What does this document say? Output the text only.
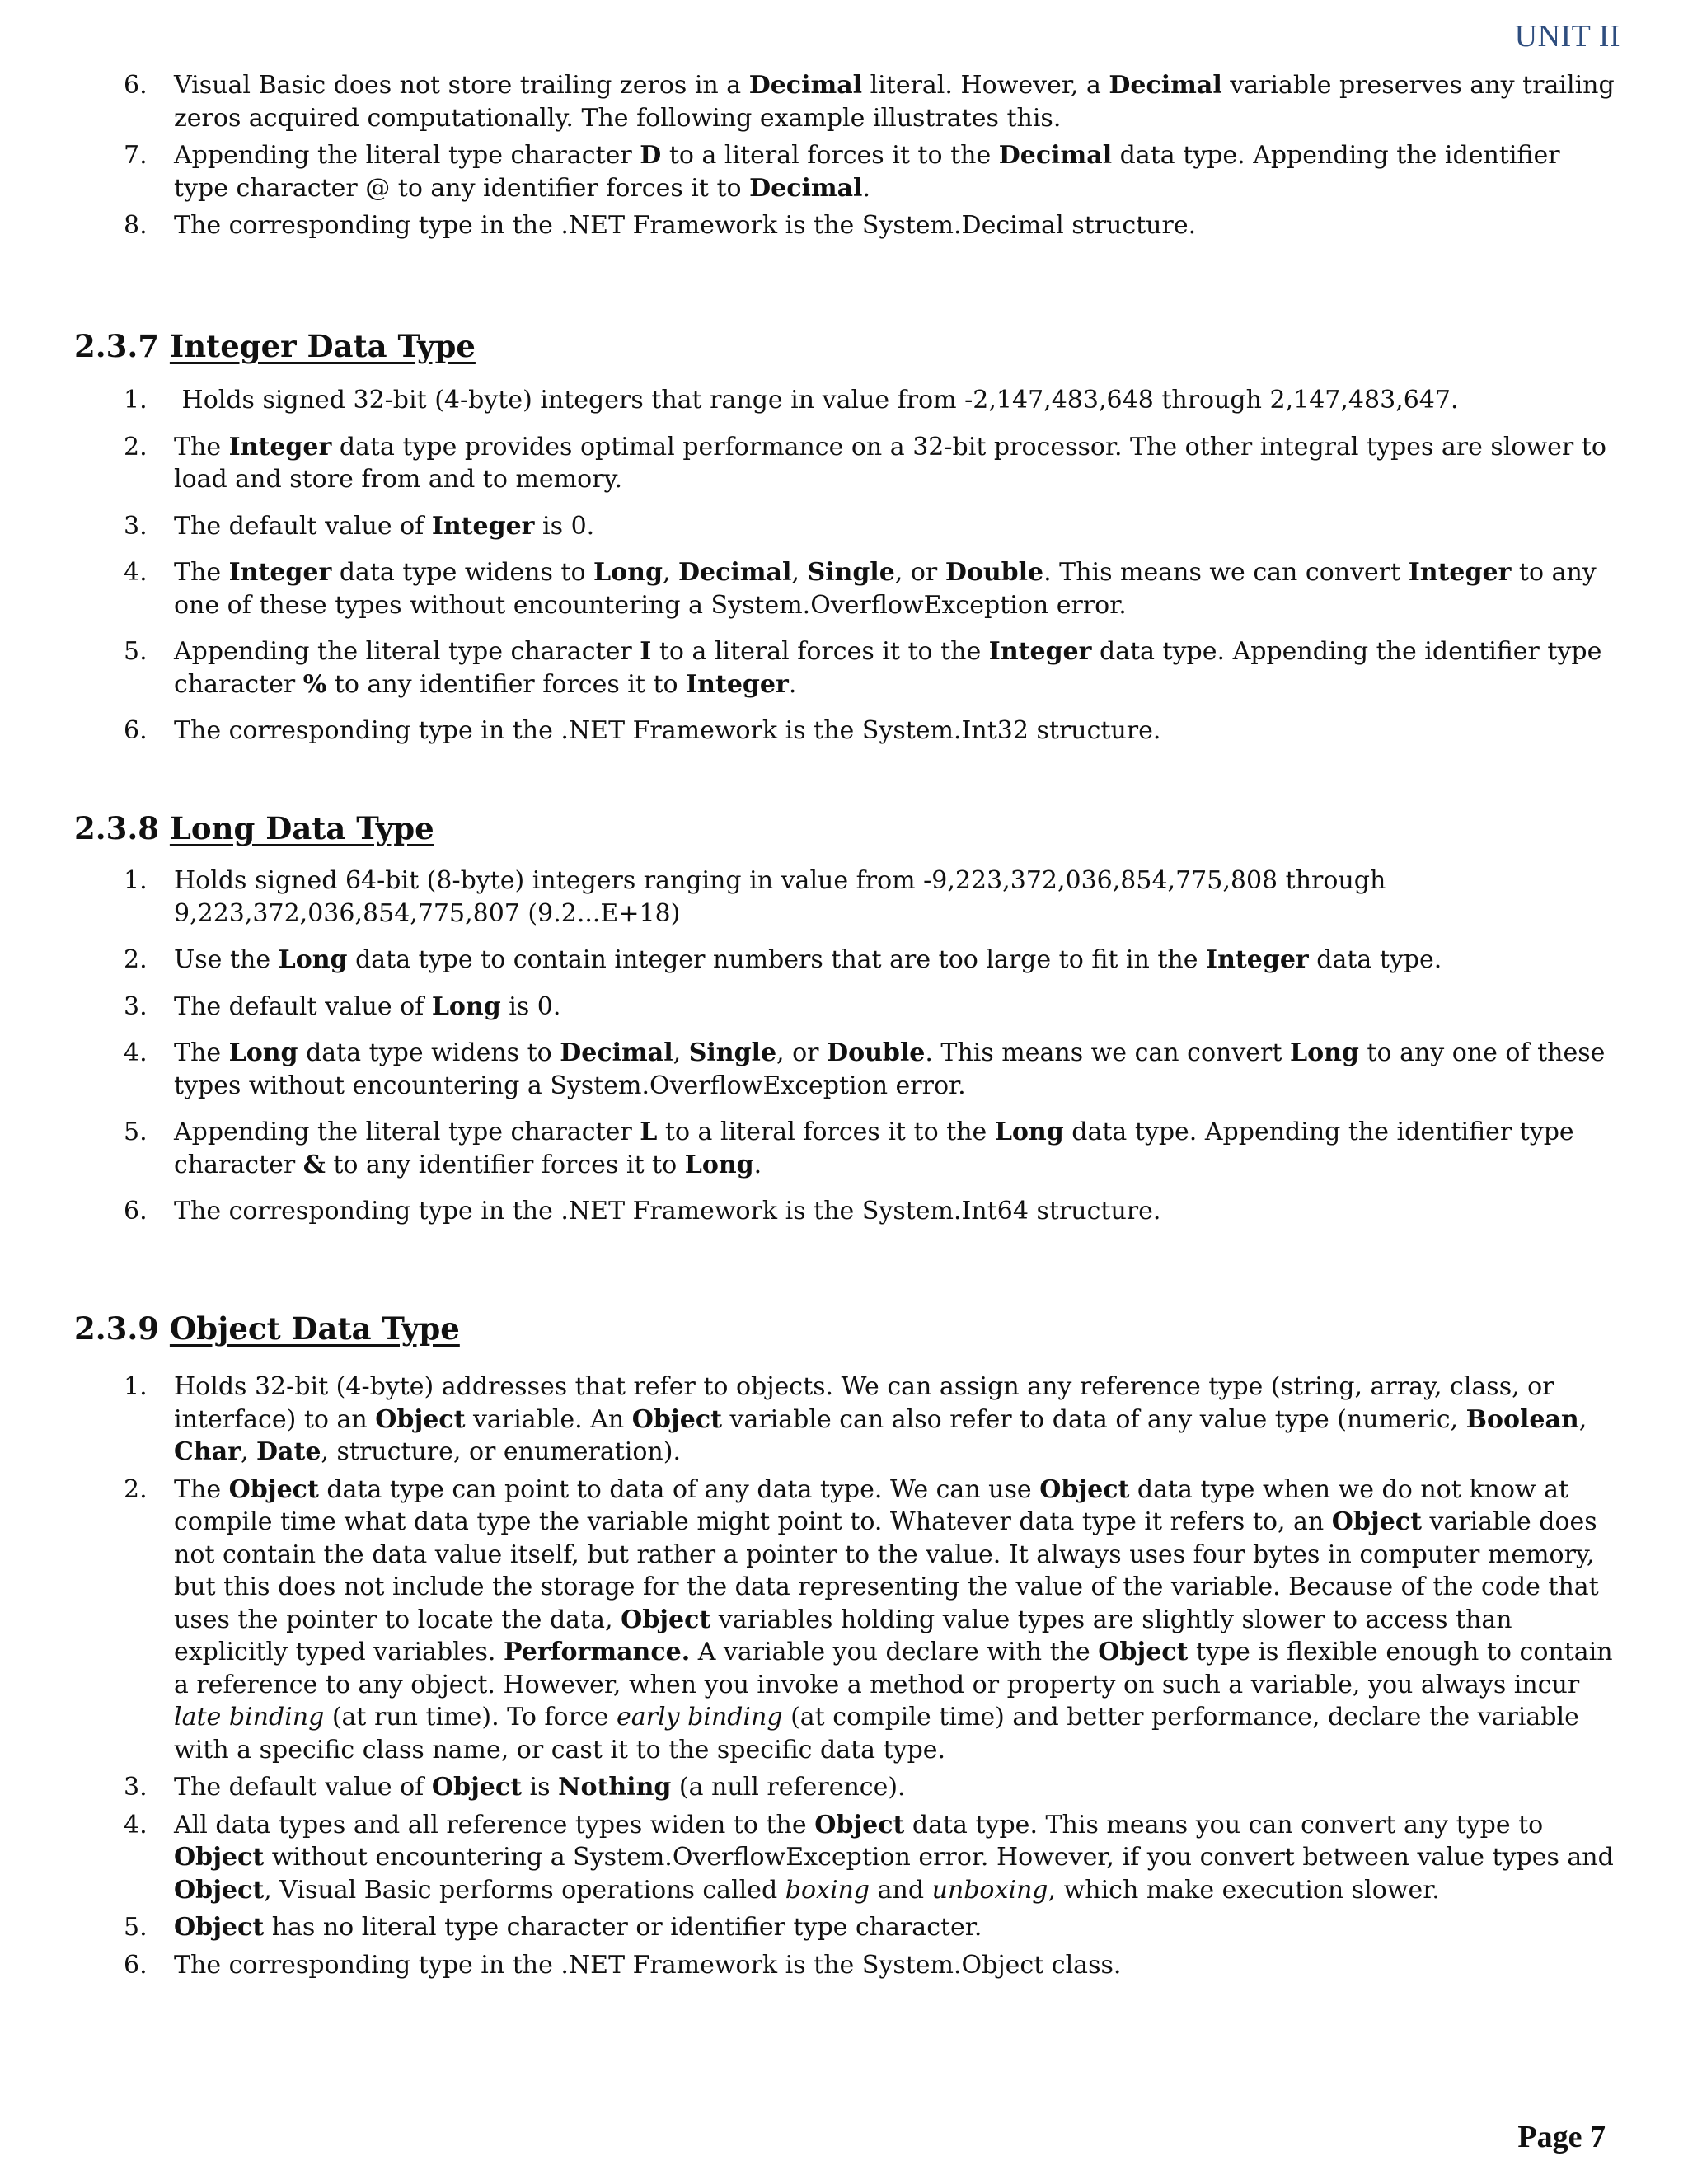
UNIT II
6. Visual Basic does not store trailing zeros in a Decimal literal. However, a Decimal variable preserves any trailing zeros acquired computationally. The following example illustrates this.
7. Appending the literal type character D to a literal forces it to the Decimal data type. Appending the identifier type character @ to any identifier forces it to Decimal.
8. The corresponding type in the .NET Framework is the System.Decimal structure.
2.3.7 Integer Data Type
1. Holds signed 32-bit (4-byte) integers that range in value from -2,147,483,648 through 2,147,483,647.
2. The Integer data type provides optimal performance on a 32-bit processor. The other integral types are slower to load and store from and to memory.
3. The default value of Integer is 0.
4. The Integer data type widens to Long, Decimal, Single, or Double. This means we can convert Integer to any one of these types without encountering a System.OverflowException error.
5. Appending the literal type character I to a literal forces it to the Integer data type. Appending the identifier type character % to any identifier forces it to Integer.
6. The corresponding type in the .NET Framework is the System.Int32 structure.
2.3.8 Long Data Type
1. Holds signed 64-bit (8-byte) integers ranging in value from -9,223,372,036,854,775,808 through 9,223,372,036,854,775,807 (9.2...E+18)
2. Use the Long data type to contain integer numbers that are too large to fit in the Integer data type.
3. The default value of Long is 0.
4. The Long data type widens to Decimal, Single, or Double. This means we can convert Long to any one of these types without encountering a System.OverflowException error.
5. Appending the literal type character L to a literal forces it to the Long data type. Appending the identifier type character & to any identifier forces it to Long.
6. The corresponding type in the .NET Framework is the System.Int64 structure.
2.3.9 Object Data Type
1. Holds 32-bit (4-byte) addresses that refer to objects. We can assign any reference type (string, array, class, or interface) to an Object variable. An Object variable can also refer to data of any value type (numeric, Boolean, Char, Date, structure, or enumeration).
2. The Object data type can point to data of any data type. We can use Object data type when we do not know at compile time what data type the variable might point to. Whatever data type it refers to, an Object variable does not contain the data value itself, but rather a pointer to the value. It always uses four bytes in computer memory, but this does not include the storage for the data representing the value of the variable. Because of the code that uses the pointer to locate the data, Object variables holding value types are slightly slower to access than explicitly typed variables. Performance. A variable you declare with the Object type is flexible enough to contain a reference to any object. However, when you invoke a method or property on such a variable, you always incur late binding (at run time). To force early binding (at compile time) and better performance, declare the variable with a specific class name, or cast it to the specific data type.
3. The default value of Object is Nothing (a null reference).
4. All data types and all reference types widen to the Object data type. This means you can convert any type to Object without encountering a System.OverflowException error. However, if you convert between value types and Object, Visual Basic performs operations called boxing and unboxing, which make execution slower.
5. Object has no literal type character or identifier type character.
6. The corresponding type in the .NET Framework is the System.Object class.
Page 7
